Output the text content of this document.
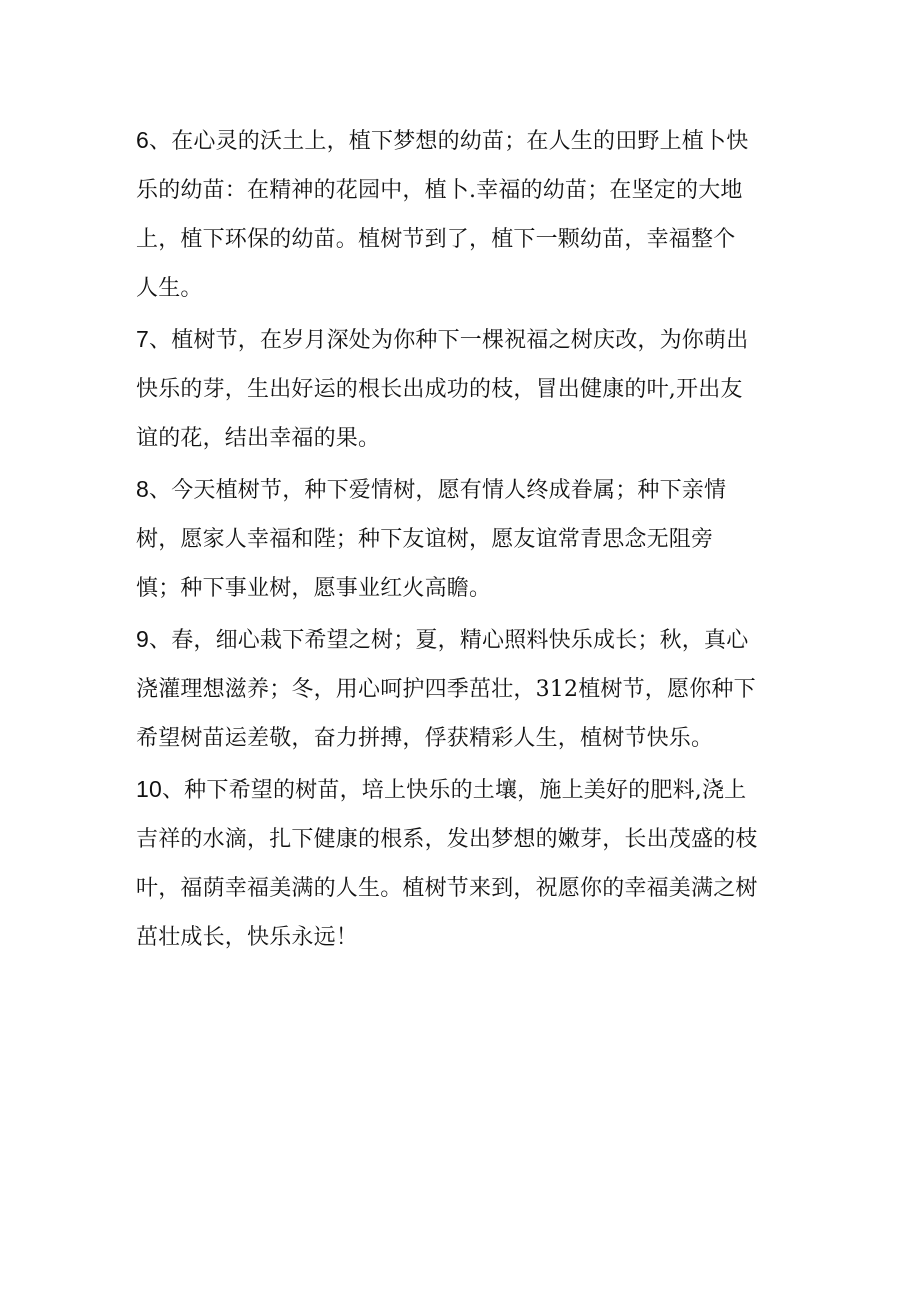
6、在心灵的沃土上，植下梦想的幼苗；在人生的田野上植卜快
乐的幼苗：在精神的花园中，植卜.幸福的幼苗；在坚定的大地
上，植下环保的幼苗。植树节到了，植下一颗幼苗，幸福整个
人生。

7、植树节，在岁月深处为你种下一棵祝福之树庆改，为你萌出
快乐的芽，生出好运的根长出成功的枝，冒出健康的叶,开出友
谊的花，结出幸福的果。

8、今天植树节，种下爱情树，愿有情人终成眷属；种下亲情
树，愿家人幸福和陛；种下友谊树，愿友谊常青思念无阻旁
慎；种下事业树，愿事业红火高瞻。

9、春，细心栽下希望之树；夏，精心照料快乐成长；秋，真心
浇灌理想滋养；冬，用心呵护四季茁壮，312植树节，愿你种下
希望树苗运差敬，奋力拼搏，俘获精彩人生，植树节快乐。

10、种下希望的树苗，培上快乐的土壤，施上美好的肥料,浇上
吉祥的水滴，扎下健康的根系，发出梦想的嫩芽，长出茂盛的枝
叶，福荫幸福美满的人生。植树节来到，祝愿你的幸福美满之树
茁壮成长，快乐永远！
